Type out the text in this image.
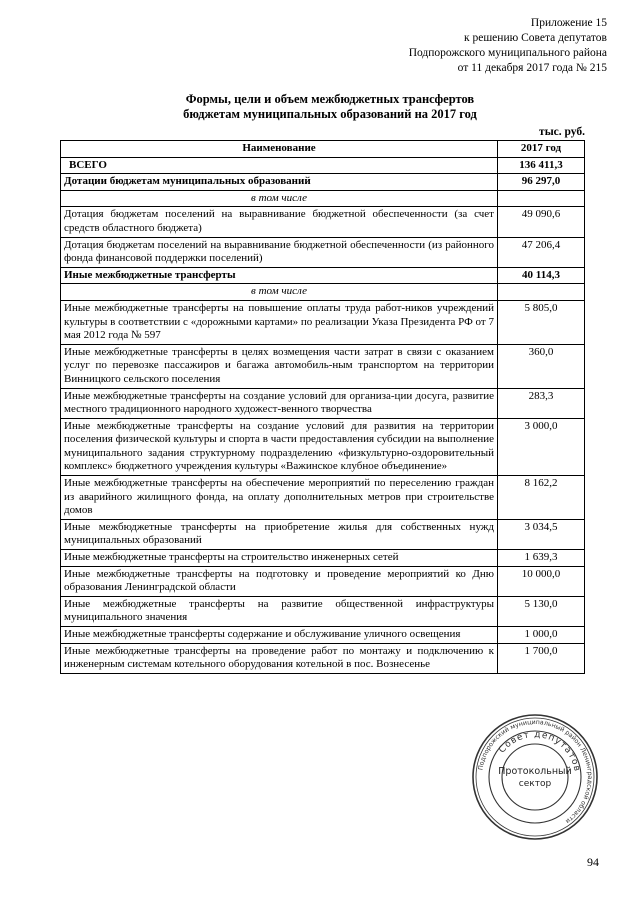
Приложение 15
к решению Совета депутатов
Подпорожского муниципального района
от 11 декабря 2017 года № 215
Формы, цели и объем межбюджетных трансфертов
бюджетам муниципальных образований на 2017 год
тыс. руб.
Наименование	2017 год
ВСЕГО	136 411,3
Дотации бюджетам муниципальных образований	96 297,0
в том числе	
Дотация бюджетам поселений на выравнивание бюджетной обеспеченности (за счет средств областного бюджета)	49 090,6
Дотация бюджетам поселений на выравнивание бюджетной обеспеченности (из районного фонда финансовой поддержки поселений)	47 206,4
Иные межбюджетные трансферты	40 114,3
в том числе	
Иные межбюджетные трансферты на повышение оплаты труда работ-ников учреждений культуры в соответствии с «дорожными картами» по реализации Указа Президента РФ от 7 мая 2012 года № 597	5 805,0
Иные межбюджетные трансферты в целях возмещения части затрат в связи с оказанием услуг по перевозке пассажиров и багажа автомобиль-ным транспортом на территории Винницкого сельского поселения	360,0
Иные межбюджетные трансферты на создание условий для организа-ции досуга, развитие местного традиционного народного художест-венного творчества	283,3
Иные межбюджетные трансферты на создание условий для развития на территории поселения физической культуры и спорта в части предоставления субсидии на выполнение муниципального задания структурному подразделению «физкультурно-оздоровительный комплекс» бюджетного учреждения культуры «Важинское клубное объединение»	3 000,0
Иные межбюджетные трансферты на обеспечение мероприятий по переселению граждан из аварийного жилищного фонда, на оплату дополнительных метров при строительстве домов	8 162,2
Иные межбюджетные трансферты на приобретение жилья для собственных нужд муниципальных образований	3 034,5
Иные межбюджетные трансферты на строительство инженерных сетей	1 639,3
Иные межбюджетные трансферты на подготовку и проведение мероприятий ко Дню образования Ленинградской области	10 000,0
Иные межбюджетные трансферты на развитие общественной инфраструктуры муниципального значения	5 130,0
Иные межбюджетные трансферты содержание и обслуживание уличного освещения	1 000,0
Иные межбюджетные трансферты на проведение работ по монтажу и подключению к инженерным системам котельного оборудования котельной в пос. Вознесенье	1 700,0
Подпорожский муниципальный район Ленинградской области
Совет депутатов
Протокольный
сектор
94
